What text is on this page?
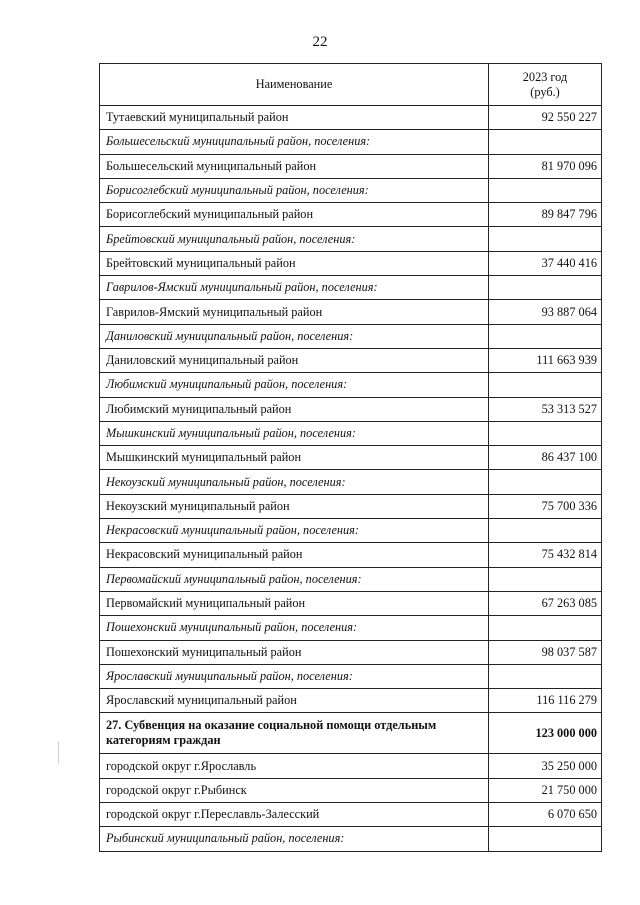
22
Наименование	2023 год
(руб.)
Тутаевский муниципальный район	92 550 227
Большесельский муниципальный район, поселения:	
Большесельский муниципальный район	81 970 096
Борисоглебский муниципальный район, поселения:	
Борисоглебский муниципальный район	89 847 796
Брейтовский муниципальный район, поселения:	
Брейтовский муниципальный район	37 440 416
Гаврилов-Ямский муниципальный район, поселения:	
Гаврилов-Ямский муниципальный район	93 887 064
Даниловский муниципальный район, поселения:	
Даниловский муниципальный район	111 663 939
Любимский муниципальный район, поселения:	
Любимский муниципальный район	53 313 527
Мышкинский муниципальный район, поселения:	
Мышкинский муниципальный район	86 437 100
Некоузский муниципальный район, поселения:	
Некоузский муниципальный район	75 700 336
Некрасовский муниципальный район, поселения:	
Некрасовский муниципальный район	75 432 814
Первомайский муниципальный район, поселения:	
Первомайский муниципальный район	67 263 085
Пошехонский муниципальный район, поселения:	
Пошехонский муниципальный район	98 037 587
Ярославский муниципальный район, поселения:	
Ярославский муниципальный район	116 116 279
27. Субвенция на оказание социальной помощи отдельным категориям граждан	123 000 000
городской округ г.Ярославль	35 250 000
городской округ г.Рыбинск	21 750 000
городской округ г.Переславль-Залесский	6 070 650
Рыбинский муниципальный район, поселения:	
